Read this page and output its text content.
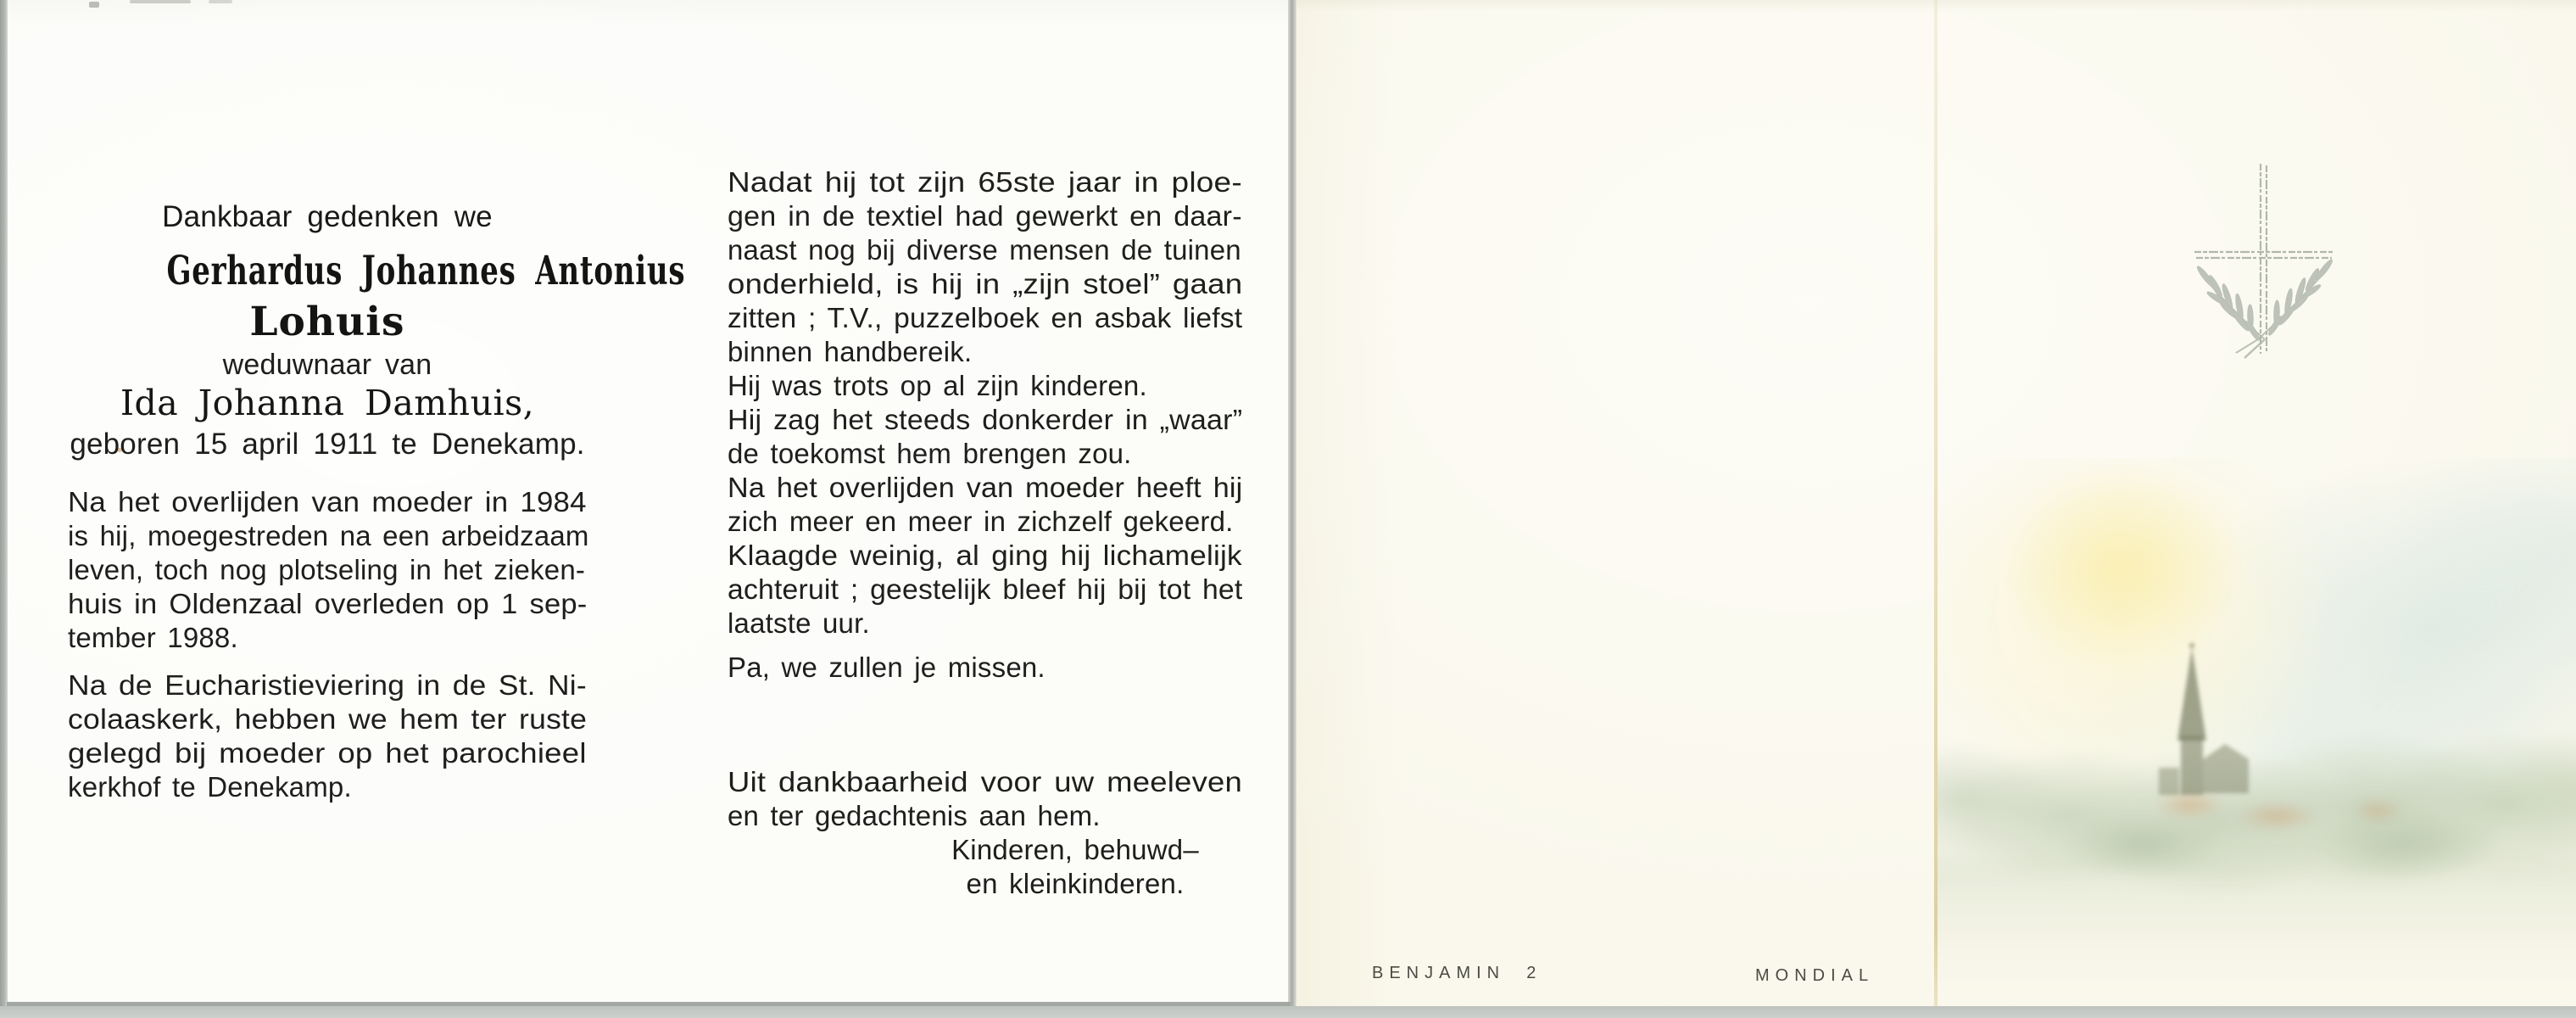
Dankbaar gedenken we
Gerhardus Johannes Antonius
Lohuis
weduwnaar van
Ida Johanna Damhuis,
geboren 15 april 1911 te Denekamp.
Na het overlijden van moeder in 1984
is hij, moegestreden na een arbeidzaam
leven, toch nog plotseling in het zieken-
huis in Oldenzaal overleden op 1 sep-
tember 1988.
Na de Eucharistieviering in de St. Ni-
colaaskerk, hebben we hem ter ruste
gelegd bij moeder op het parochieel
kerkhof te Denekamp.
Nadat hij tot zijn 65ste jaar in ploe-
gen in de textiel had gewerkt en daar-
naast nog bij diverse mensen de tuinen
onderhield, is hij in „zijn stoel” gaan
zitten ; T.V., puzzelboek en asbak liefst
binnen handbereik.
Hij was trots op al zijn kinderen.
Hij zag het steeds donkerder in „waar”
de toekomst hem brengen zou.
Na het overlijden van moeder heeft hij
zich meer en meer in zichzelf gekeerd.
Klaagde weinig, al ging hij lichamelijk
achteruit ; geestelijk bleef hij bij tot het
laatste uur.
Pa, we zullen je missen.
Uit dankbaarheid voor uw meeleven
en ter gedachtenis aan hem.
Kinderen, behuwd–
en kleinkinderen.
BENJAMIN  2	MONDIAL
